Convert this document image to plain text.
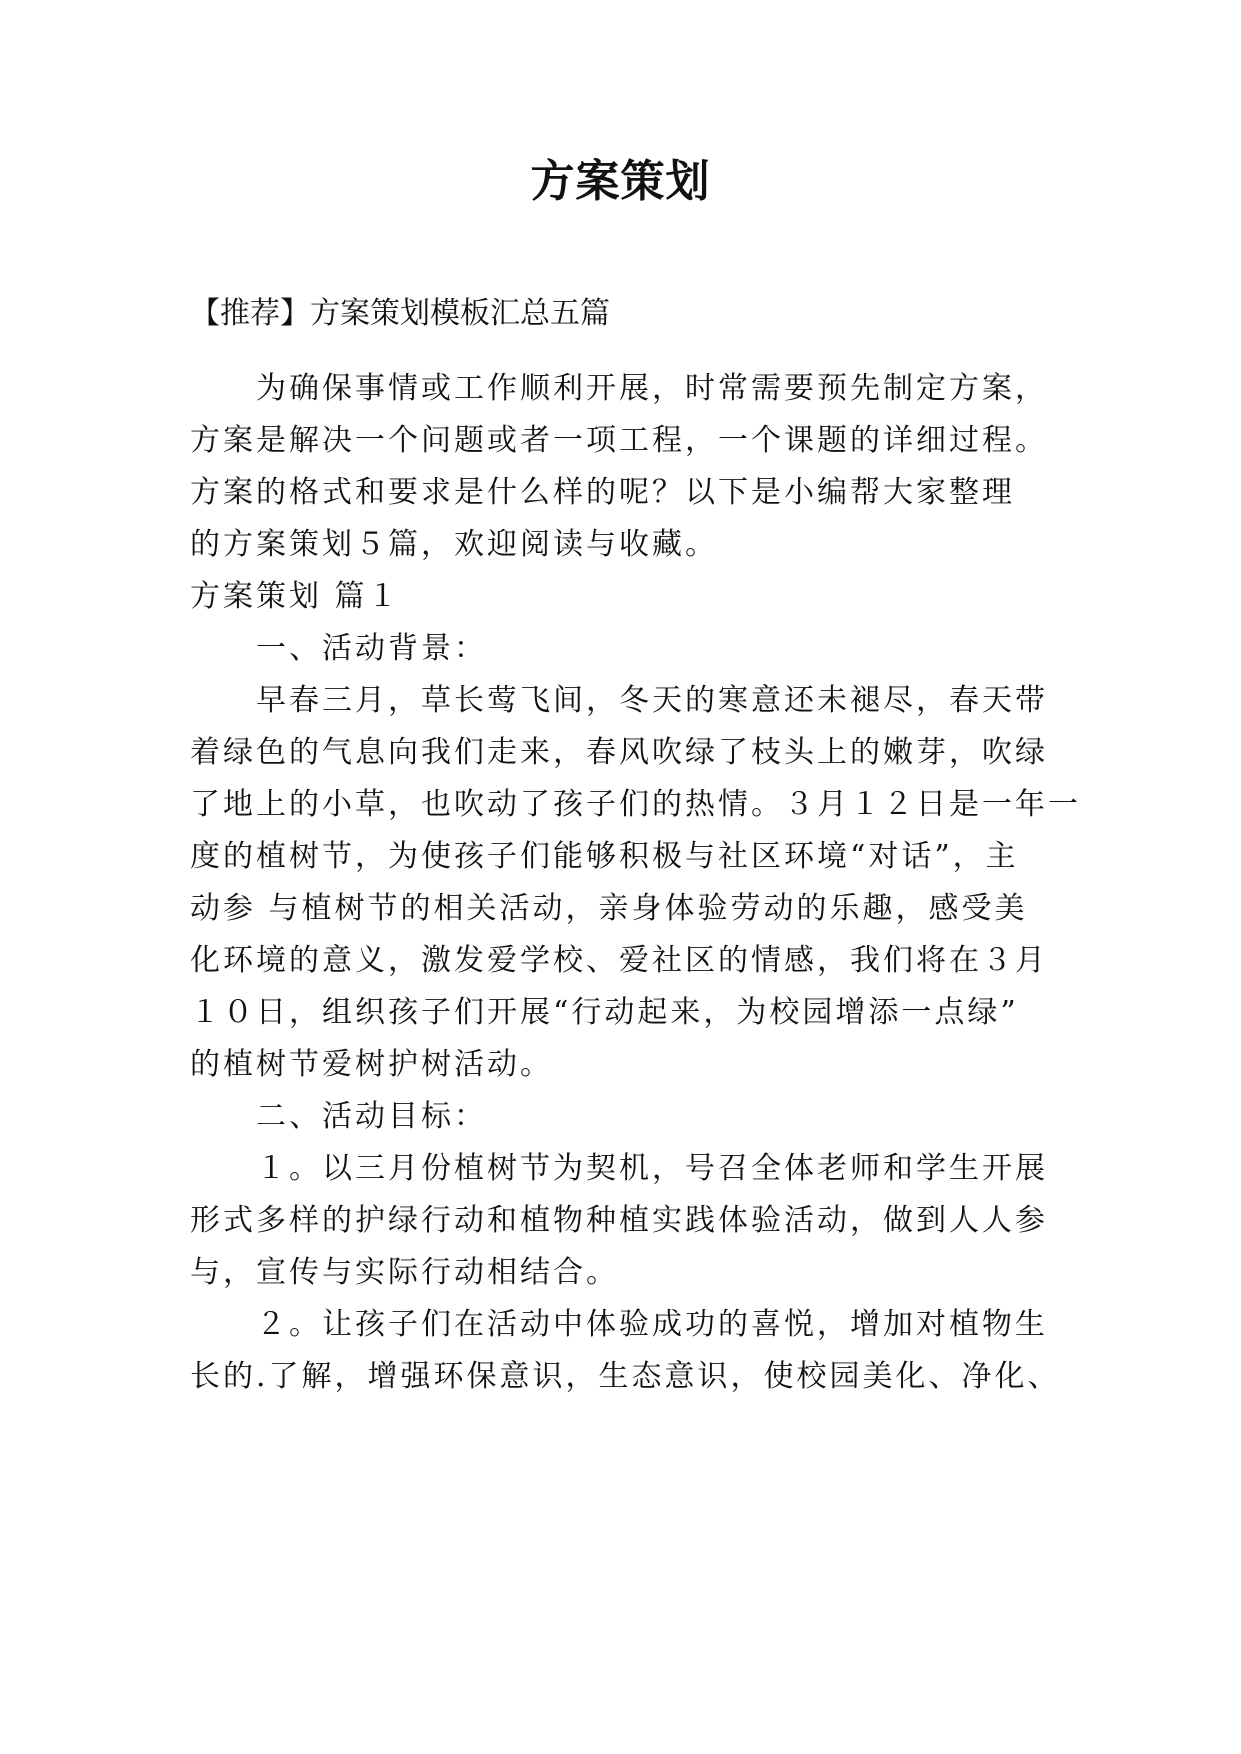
方案策划
【推荐】方案策划模板汇总五篇
　　为确保事情或工作顺利开展，时常需要预先制定方案，
方案是解决一个问题或者一项工程，一个课题的详细过程。
方案的格式和要求是什么样的呢？以下是小编帮大家整理
的方案策划５篇，欢迎阅读与收藏。
方案策划 篇１
　　一、活动背景：
　　早春三月，草长莺飞间，冬天的寒意还未褪尽，春天带
着绿色的气息向我们走来，春风吹绿了枝头上的嫩芽，吹绿
了地上的小草，也吹动了孩子们的热情。３月１２日是一年一
度的植树节，为使孩子们能够积极与社区环境“对话”，主
动参 与植树节的相关活动，亲身体验劳动的乐趣，感受美
化环境的意义，激发爱学校、爱社区的情感，我们将在３月
１０日，组织孩子们开展“行动起来，为校园增添一点绿”
的植树节爱树护树活动。
　　二、活动目标：
　　１。以三月份植树节为契机，号召全体老师和学生开展
形式多样的护绿行动和植物种植实践体验活动，做到人人参
与，宣传与实际行动相结合。
　　２。让孩子们在活动中体验成功的喜悦，增加对植物生
长的.了解，增强环保意识，生态意识，使校园美化、净化、
